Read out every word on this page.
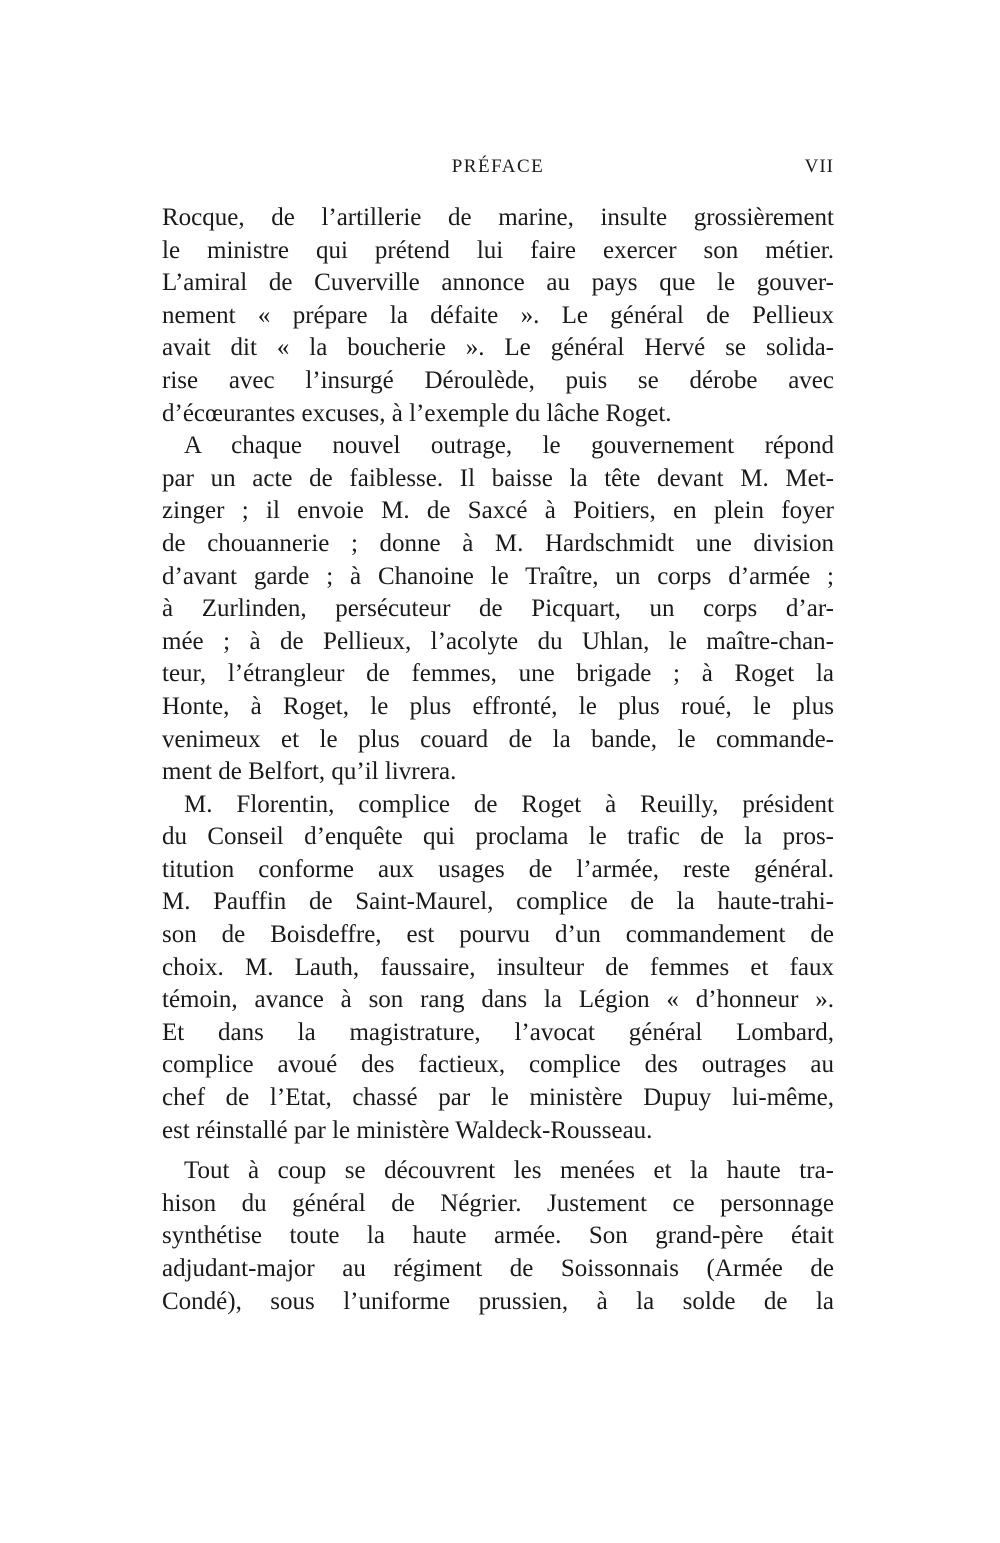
PRÉFACE	VII
Rocque, de l’artillerie de marine, insulte grossièrement
le ministre qui prétend lui faire exercer son métier.
L’amiral de Cuverville annonce au pays que le gouver-
nement « prépare la défaite ». Le général de Pellieux
avait dit « la boucherie ». Le général Hervé se solida-
rise avec l’insurgé Déroulède, puis se dérobe avec
d’écœurantes excuses, à l’exemple du lâche Roget.
A chaque nouvel outrage, le gouvernement répond
par un acte de faiblesse. Il baisse la tête devant M. Met-
zinger ; il envoie M. de Saxcé à Poitiers, en plein foyer
de chouannerie ; donne à M. Hardschmidt une division
d’avant garde ; à Chanoine le Traître, un corps d’armée ;
à Zurlinden, persécuteur de Picquart, un corps d’ar-
mée ; à de Pellieux, l’acolyte du Uhlan, le maître-chan-
teur, l’étrangleur de femmes, une brigade ; à Roget la
Honte, à Roget, le plus effronté, le plus roué, le plus
venimeux et le plus couard de la bande, le commande-
ment de Belfort, qu’il livrera.
M. Florentin, complice de Roget à Reuilly, président
du Conseil d’enquête qui proclama le trafic de la pros-
titution conforme aux usages de l’armée, reste général.
M. Pauffin de Saint-Maurel, complice de la haute-trahi-
son de Boisdeffre, est pourvu d’un commandement de
choix. M. Lauth, faussaire, insulteur de femmes et faux
témoin, avance à son rang dans la Légion « d’honneur ».
Et dans la magistrature, l’avocat général Lombard,
complice avoué des factieux, complice des outrages au
chef de l’Etat, chassé par le ministère Dupuy lui-même,
est réinstallé par le ministère Waldeck-Rousseau.
Tout à coup se découvrent les menées et la haute tra-
hison du général de Négrier. Justement ce personnage
synthétise toute la haute armée. Son grand-père était
adjudant-major au régiment de Soissonnais (Armée de
Condé), sous l’uniforme prussien, à la solde de la
